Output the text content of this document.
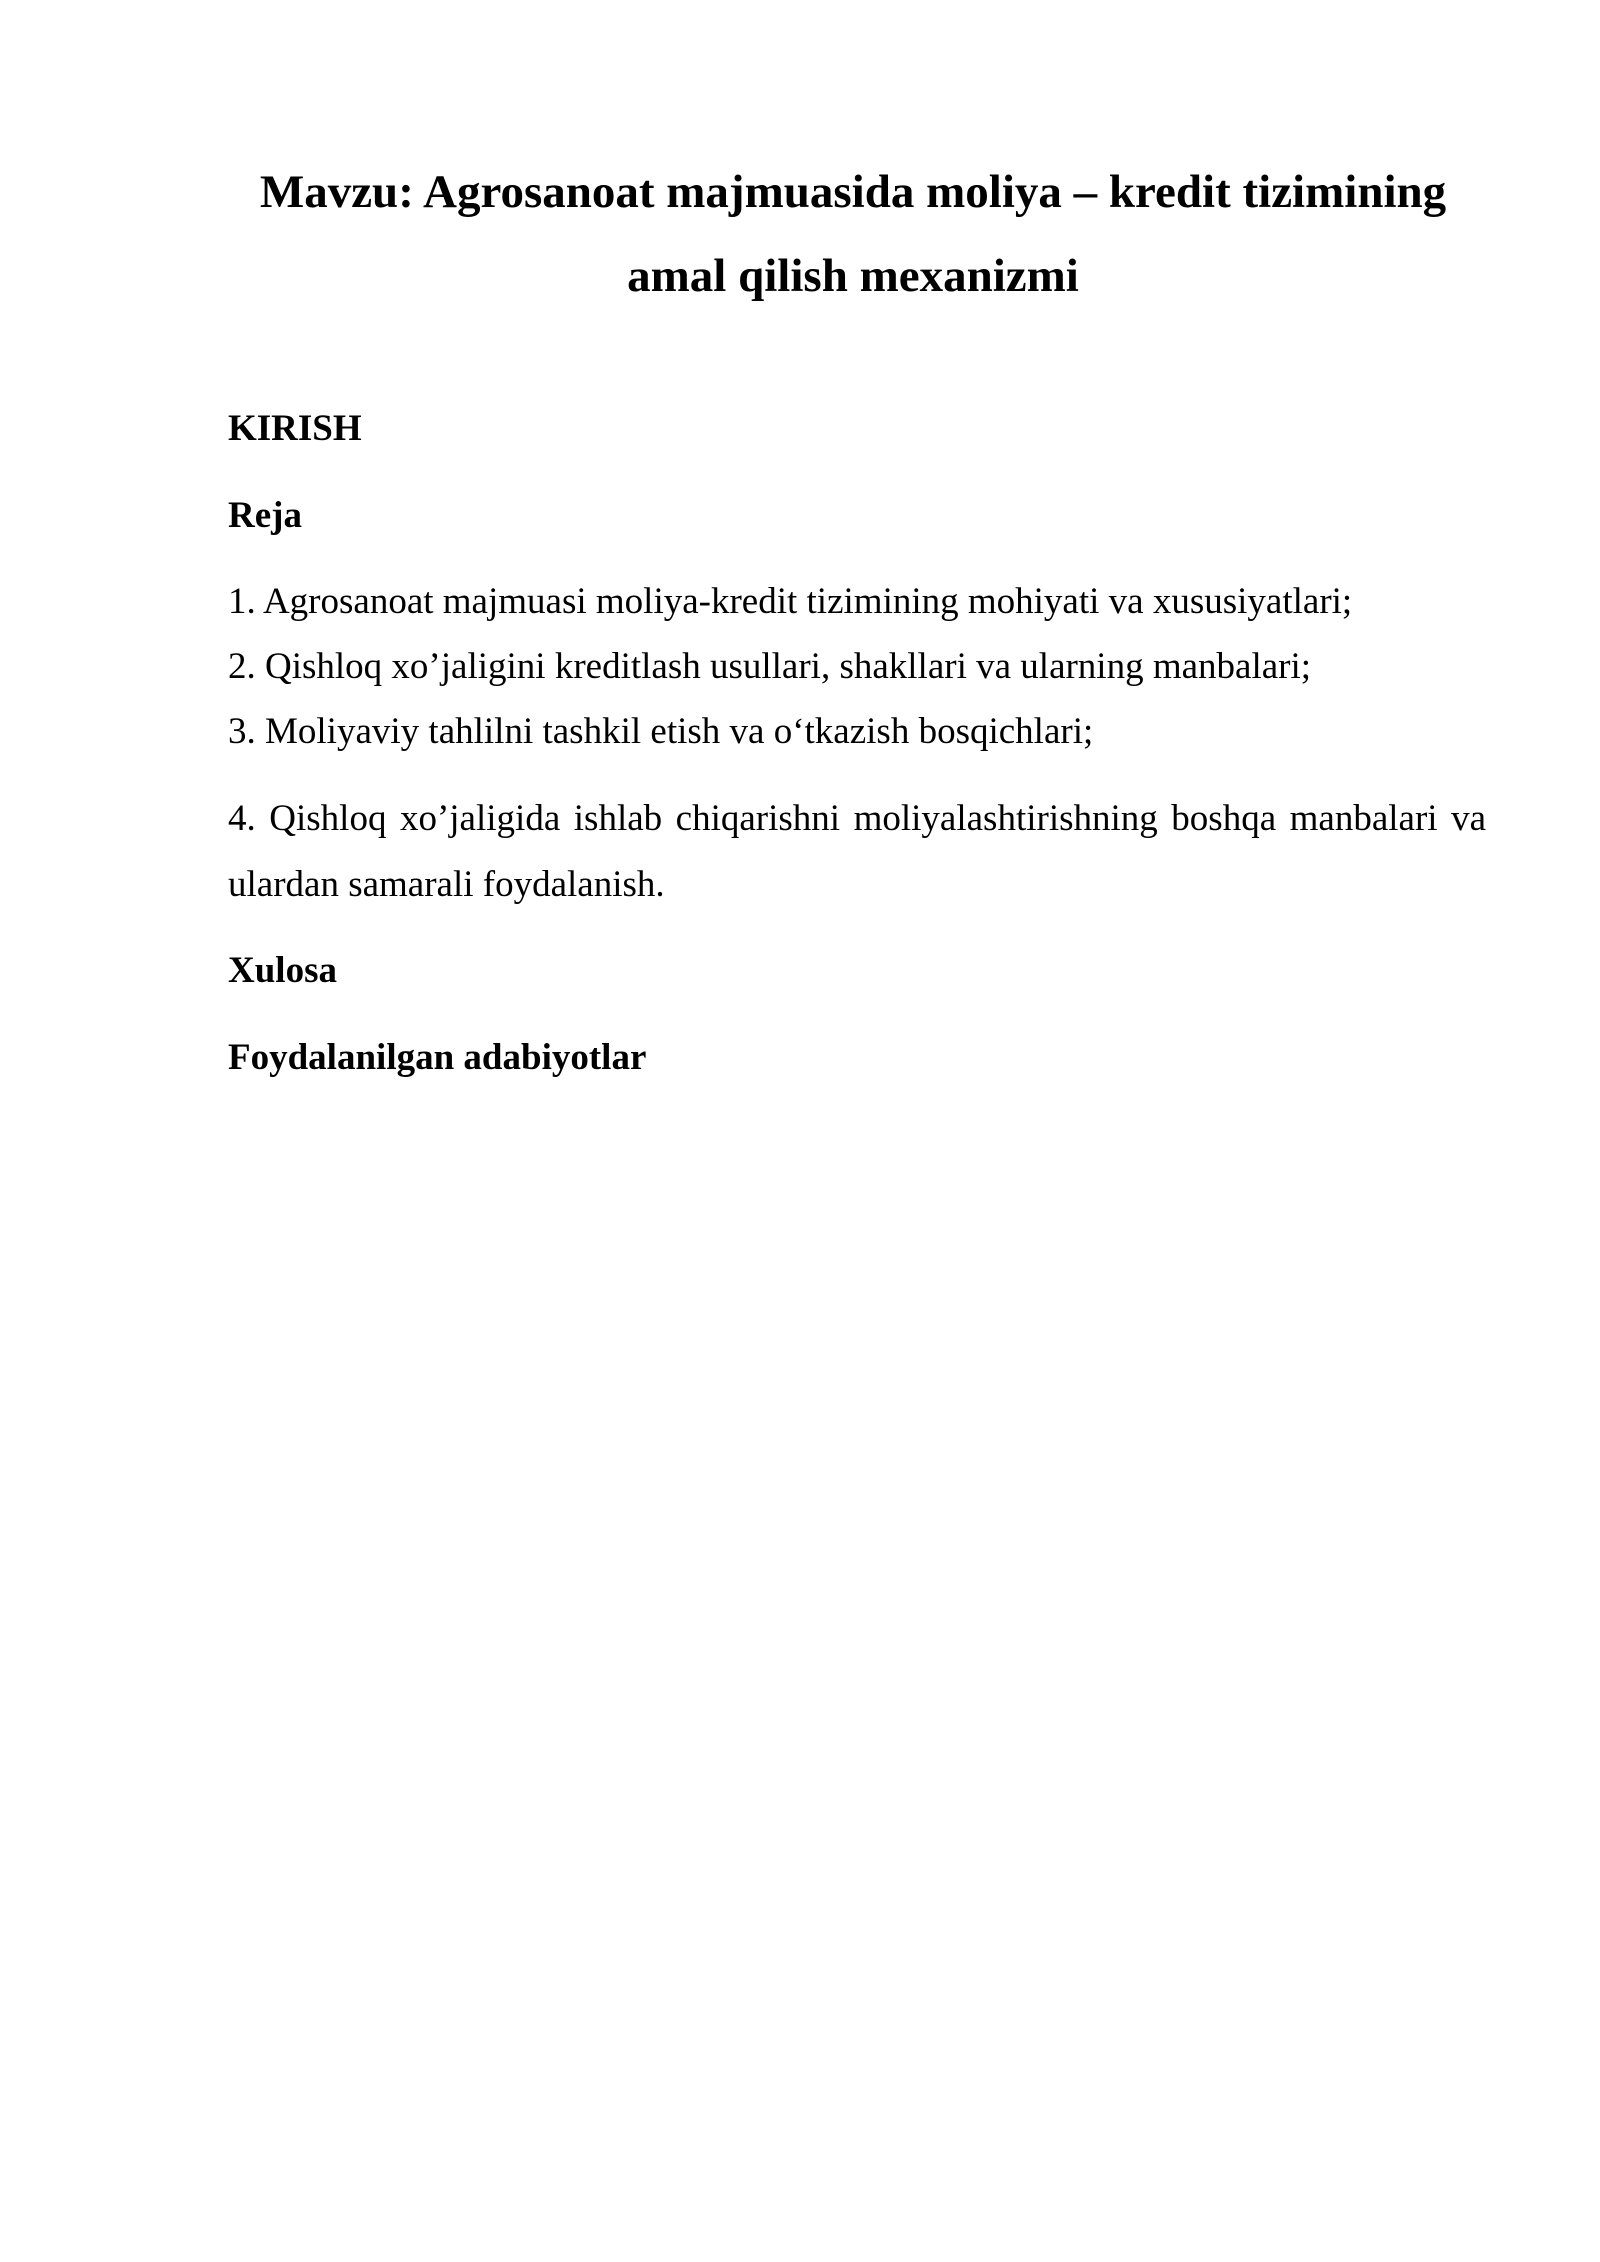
Mavzu: Agrosanoat majmuasida moliya – kredit tizimining
amal qilish mexanizmi

KIRISH

Reja

1. Agrosanoat majmuasi moliya-kredit tizimining mohiyati va xususiyatlari;

2. Qishloq xo’jaligini kreditlash usullari, shakllari va ularning manbalari;

3. Moliyaviy tahlilni tashkil etish va o‘tkazish bosqichlari;

4. Qishloq xo’jaligida ishlab chiqarishni moliyalashtirishning boshqa manbalari va
ulardan samarali foydalanish.

Xulosa

Foydalanilgan adabiyotlar
